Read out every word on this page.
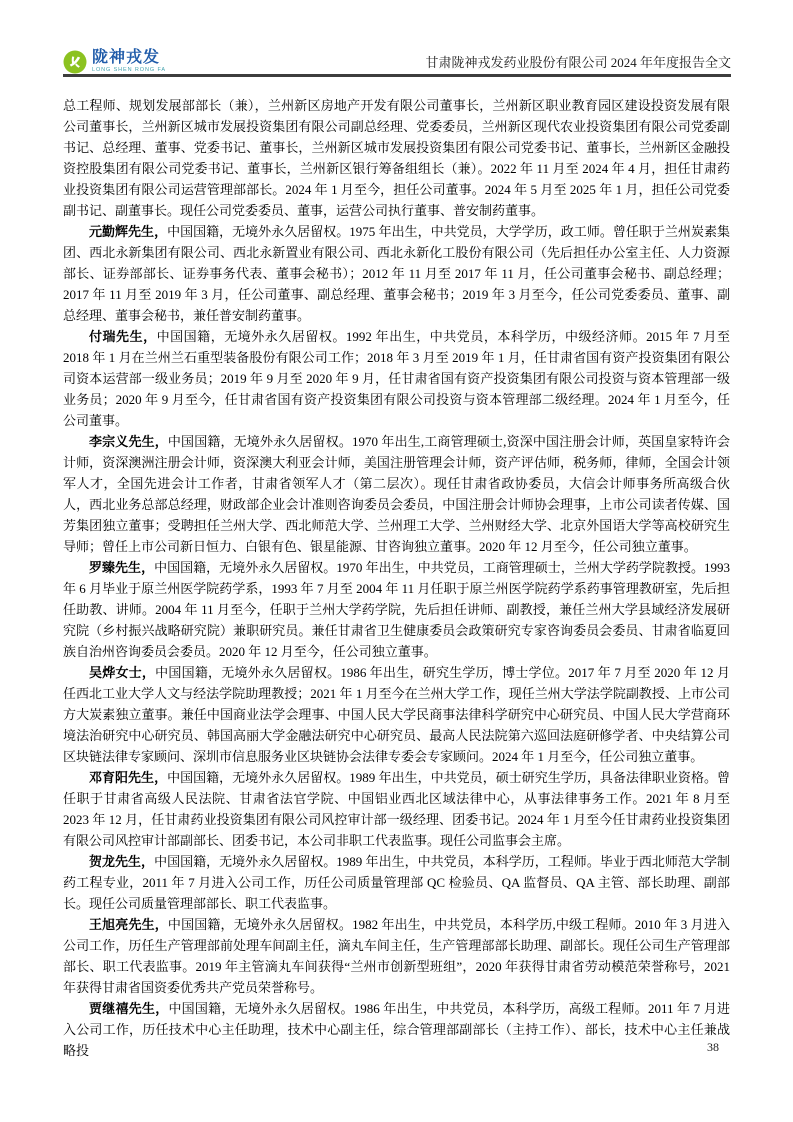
陇神戎发
LONG SHEN RONG FA
甘肃陇神戎发药业股份有限公司 2024 年年度报告全文

总工程师、规划发展部部长（兼），兰州新区房地产开发有限公司董事长，兰州新区职业教育园区建设投资发展有限公司董事长，兰州新区城市发展投资集团有限公司副总经理、党委委员，兰州新区现代农业投资集团有限公司党委副书记、总经理、董事、党委书记、董事长，兰州新区城市发展投资集团有限公司党委书记、董事长，兰州新区金融投资控股集团有限公司党委书记、董事长，兰州新区银行筹备组组长（兼）。2022 年 11 月至 2024 年 4 月，担任甘肃药业投资集团有限公司运营管理部部长。2024 年 1 月至今，担任公司董事。2024 年 5 月至 2025 年 1 月，担任公司党委副书记、副董事长。现任公司党委委员、董事，运营公司执行董事、普安制药董事。

元勤辉先生，中国国籍，无境外永久居留权。1975 年出生，中共党员，大学学历，政工师。曾任职于兰州炭素集团、西北永新集团有限公司、西北永新置业有限公司、西北永新化工股份有限公司（先后担任办公室主任、人力资源部长、证券部部长、证券事务代表、董事会秘书）；2012 年 11 月至 2017 年 11 月，任公司董事会秘书、副总经理；2017 年 11 月至 2019 年 3 月，任公司董事、副总经理、董事会秘书；2019 年 3 月至今，任公司党委委员、董事、副总经理、董事会秘书，兼任普安制药董事。

付瑞先生，中国国籍，无境外永久居留权。1992 年出生，中共党员，本科学历，中级经济师。2015 年 7 月至 2018 年 1 月在兰州兰石重型装备股份有限公司工作；2018 年 3 月至 2019 年 1 月，任甘肃省国有资产投资集团有限公司资本运营部一级业务员；2019 年 9 月至 2020 年 9 月，任甘肃省国有资产投资集团有限公司投资与资本管理部一级业务员；2020 年 9 月至今，任甘肃省国有资产投资集团有限公司投资与资本管理部二级经理。2024 年 1 月至今，任公司董事。

李宗义先生，中国国籍，无境外永久居留权。1970 年出生,工商管理硕士,资深中国注册会计师，英国皇家特许会计师，资深澳洲注册会计师，资深澳大利亚会计师，美国注册管理会计师，资产评估师，税务师，律师，全国会计领军人才，全国先进会计工作者，甘肃省领军人才（第二层次）。现任甘肃省政协委员，大信会计师事务所高级合伙人，西北业务总部总经理，财政部企业会计准则咨询委员会委员，中国注册会计师协会理事，上市公司读者传媒、国芳集团独立董事；受聘担任兰州大学、西北师范大学、兰州理工大学、兰州财经大学、北京外国语大学等高校研究生导师；曾任上市公司新日恒力、白银有色、银星能源、甘咨询独立董事。2020 年 12 月至今，任公司独立董事。

罗臻先生，中国国籍，无境外永久居留权。1970 年出生，中共党员，工商管理硕士，兰州大学药学院教授。1993 年 6 月毕业于原兰州医学院药学系，1993 年 7 月至 2004 年 11 月任职于原兰州医学院药学系药事管理教研室，先后担任助教、讲师。2004 年 11 月至今，任职于兰州大学药学院，先后担任讲师、副教授，兼任兰州大学县域经济发展研究院（乡村振兴战略研究院）兼职研究员。兼任甘肃省卫生健康委员会政策研究专家咨询委员会委员、甘肃省临夏回族自治州咨询委员会委员。2020 年 12 月至今，任公司独立董事。

吴烨女士，中国国籍，无境外永久居留权。1986 年出生，研究生学历，博士学位。2017 年 7 月至 2020 年 12 月任西北工业大学人文与经法学院助理教授；2021 年 1 月至今在兰州大学工作，现任兰州大学法学院副教授、上市公司方大炭素独立董事。兼任中国商业法学会理事、中国人民大学民商事法律科学研究中心研究员、中国人民大学营商环境法治研究中心研究员、韩国高丽大学金融法研究中心研究员、最高人民法院第六巡回法庭研修学者、中央结算公司区块链法律专家顾问、深圳市信息服务业区块链协会法律专委会专家顾问。2024 年 1 月至今，任公司独立董事。

邓育阳先生，中国国籍，无境外永久居留权。1989 年出生，中共党员，硕士研究生学历，具备法律职业资格。曾任职于甘肃省高级人民法院、甘肃省法官学院、中国铝业西北区域法律中心，从事法律事务工作。2021 年 8 月至 2023 年 12 月，任甘肃药业投资集团有限公司风控审计部一级经理、团委书记。2024 年 1 月至今任甘肃药业投资集团有限公司风控审计部副部长、团委书记，本公司非职工代表监事。现任公司监事会主席。

贺龙先生，中国国籍，无境外永久居留权。1989 年出生，中共党员，本科学历，工程师。毕业于西北师范大学制药工程专业，2011 年 7 月进入公司工作，历任公司质量管理部 QC 检验员、QA 监督员、QA 主管、部长助理、副部长。现任公司质量管理部部长、职工代表监事。

王旭亮先生，中国国籍，无境外永久居留权。1982 年出生，中共党员，本科学历,中级工程师。2010 年 3 月进入公司工作，历任生产管理部前处理车间副主任，滴丸车间主任，生产管理部部长助理、副部长。现任公司生产管理部部长、职工代表监事。2019 年主管滴丸车间获得“兰州市创新型班组”，2020 年获得甘肃省劳动模范荣誉称号，2021 年获得甘肃省国资委优秀共产党员荣誉称号。

贾继禧先生，中国国籍，无境外永久居留权。1986 年出生，中共党员，本科学历，高级工程师。2011 年 7 月进入公司工作，历任技术中心主任助理，技术中心副主任，综合管理部副部长（主持工作）、部长，技术中心主任兼战略投	38
